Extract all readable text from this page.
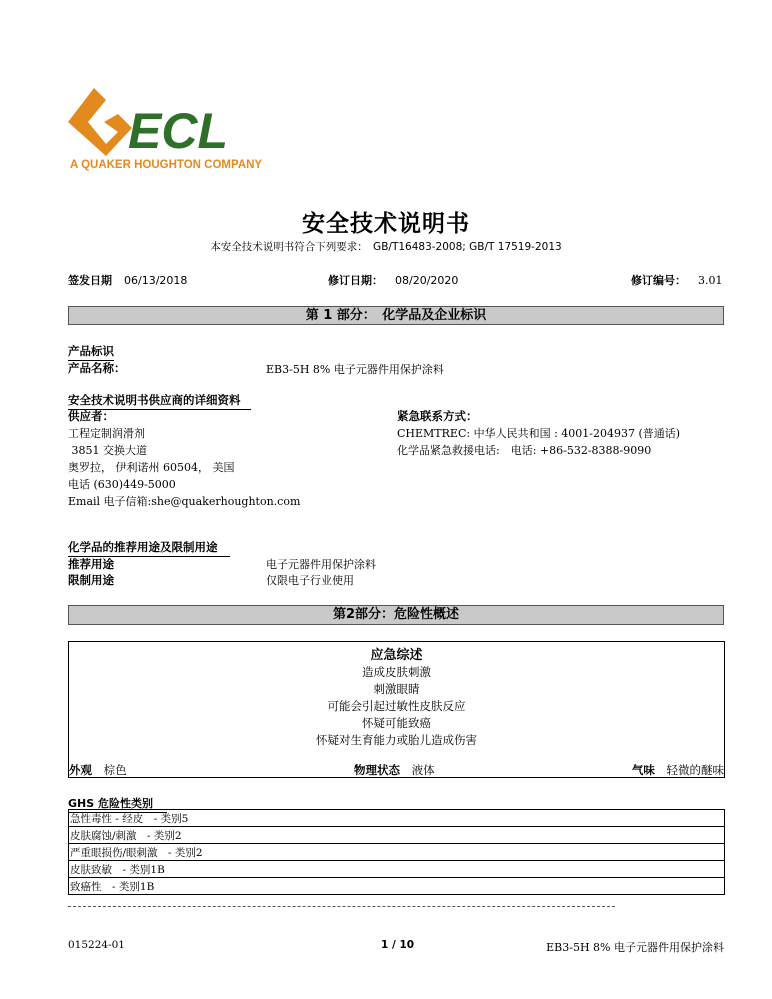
ECL
A QUAKER HOUGHTON COMPANY
安全技术说明书
本安全技术说明书符合下列要求：　GB/T16483-2008; GB/T 17519-2013
签发日期 06/13/2018	修订日期： 08/20/2020	修订编号： 3.01
第 1 部分：　化学品及企业标识
产品标识
产品名称：	EB3-5H 8% 电子元器件用保护涂料
安全技术说明书供应商的详细资料
供应者：
工程定制润滑剂
3851 交换大道
奥罗拉， 伊利诺州 60504， 美国
电话 (630)449-5000
Email 电子信箱:she@quakerhoughton.com
紧急联系方式：
CHEMTREC: 中华人民共和国 : 4001-204937 (普通话)
化学品紧急救援电话:　电话: +86-532-8388-9090
化学品的推荐用途及限制用途
推荐用途	电子元器件用保护涂料
限制用途	仅限电子行业使用
第2部分：危险性概述
应急综述
造成皮肤刺激
刺激眼睛
可能会引起过敏性皮肤反应
怀疑可能致癌
怀疑对生育能力或胎儿造成伤害
外观 棕色	物理状态 液体	气味 轻微的醚味
GHS 危险性类别
急性毒性 - 经皮　- 类别5
皮肤腐蚀/刺激　- 类别2
严重眼损伤/眼刺激　- 类别2
皮肤致敏　- 类别1B
致癌性　- 类别1B
015224-01	1 / 10	EB3-5H 8% 电子元器件用保护涂料
